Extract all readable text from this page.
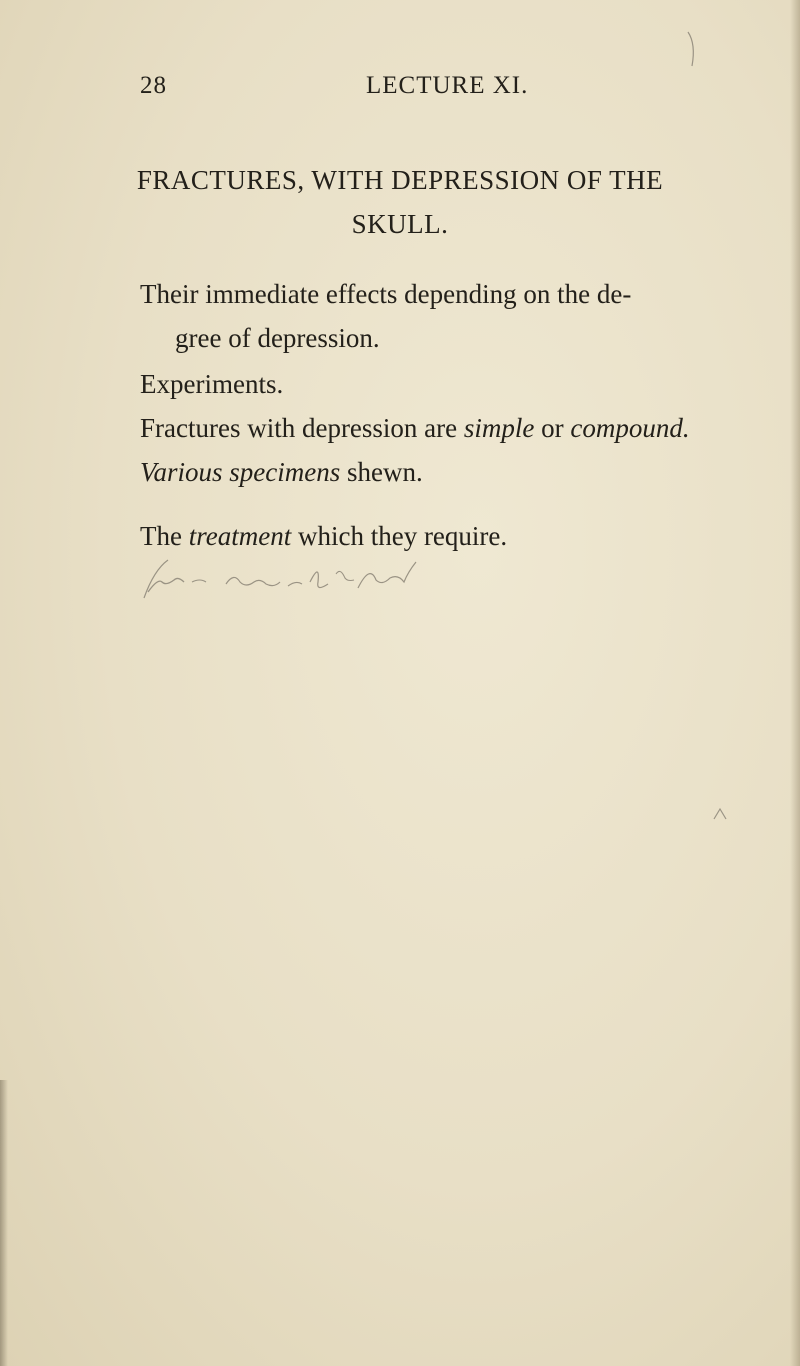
28	LECTURE XI.
FRACTURES, WITH DEPRESSION OF THE
SKULL.
Their immediate effects depending on the de-
gree of depression.
Experiments.
Fractures with depression are simple or compound.
Various specimens shewn.
The treatment which they require.
